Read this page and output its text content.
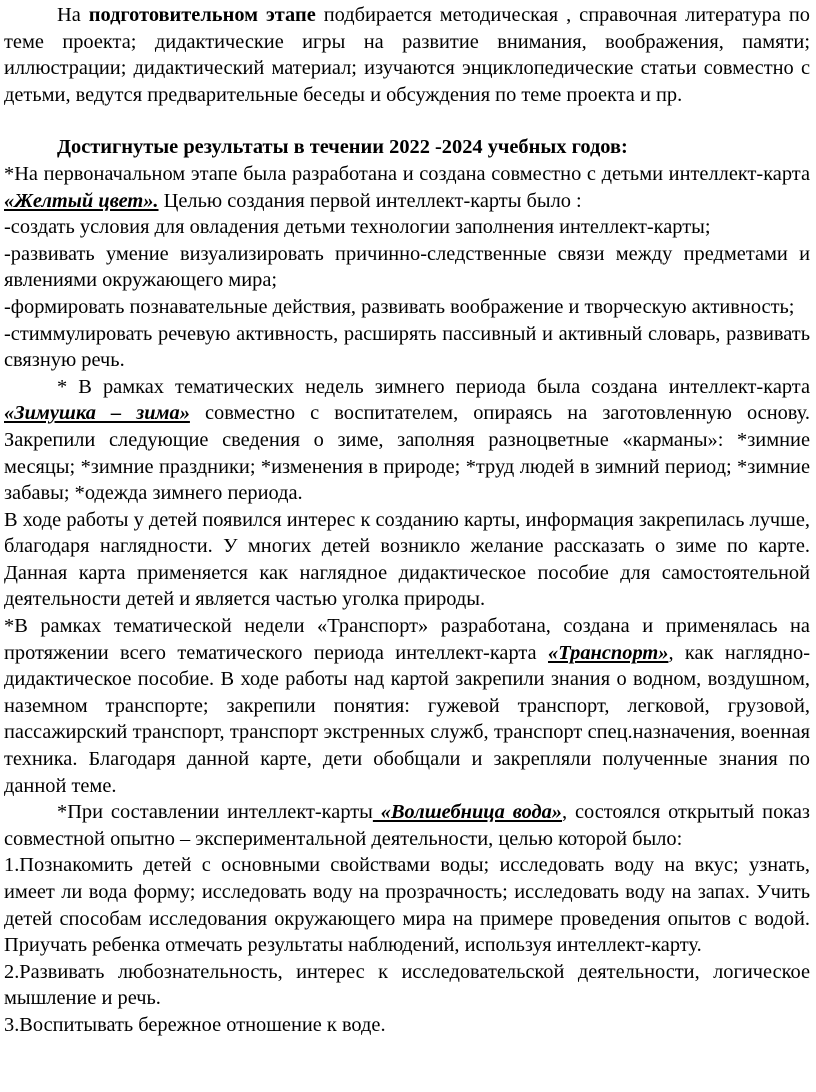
На подготовительном этапе подбирается методическая , справочная литература по теме проекта; дидактические игры на развитие внимания, воображения, памяти; иллюстрации; дидактический материал; изучаются энциклопедические статьи совместно с детьми, ведутся предварительные беседы и обсуждения по теме проекта и пр.

Достигнутые результаты в течении 2022 -2024 учебных годов:

*На первоначальном этапе была разработана и создана совместно с детьми интеллект-карта «Желтый цвет». Целью создания первой интеллект-карты было :

-создать условия для овладения детьми технологии заполнения интеллект-карты;

-развивать умение визуализировать причинно-следственные связи между предметами и явлениями окружающего мира;

-формировать познавательные действия, развивать воображение и творческую активность;

-стиммулировать речевую активность, расширять пассивный и активный словарь, развивать связную речь.

* В рамках тематических недель зимнего периода была создана интеллект-карта «Зимушка – зима» совместно с воспитателем, опираясь на заготовленную основу. Закрепили следующие сведения о зиме, заполняя разноцветные «карманы»: *зимние месяцы; *зимние праздники; *изменения в природе; *труд людей в зимний период; *зимние забавы; *одежда зимнего периода.

В ходе работы у детей появился интерес к созданию карты, информация закрепилась лучше, благодаря наглядности. У многих детей возникло желание рассказать о зиме по карте. Данная карта применяется как наглядное дидактическое пособие для самостоятельной деятельности детей и является частью уголка природы.

*В рамках тематической недели «Транспорт» разработана, создана и применялась на протяжении всего тематического периода интеллект-карта «Транспорт», как наглядно-дидактическое пособие. В ходе работы над картой закрепили знания о водном, воздушном, наземном транспорте; закрепили понятия: гужевой транспорт, легковой, грузовой, пассажирский транспорт, транспорт экстренных служб, транспорт спец.назначения, военная техника. Благодаря данной карте, дети обобщали и закрепляли полученные знания по данной теме.

*При составлении интеллект-карты «Волшебница вода», состоялся открытый показ совместной опытно – экспериментальной деятельности, целью которой было:

1.Познакомить детей с основными свойствами воды; исследовать воду на вкус; узнать, имеет ли вода форму; исследовать воду на прозрачность; исследовать воду на запах. Учить детей способам исследования окружающего мира на примере проведения опытов с водой. Приучать ребенка отмечать результаты наблюдений, используя интеллект-карту.

2.Развивать любознательность, интерес к исследовательской деятельности, логическое мышление и речь.

3.Воспитывать бережное отношение к воде.
